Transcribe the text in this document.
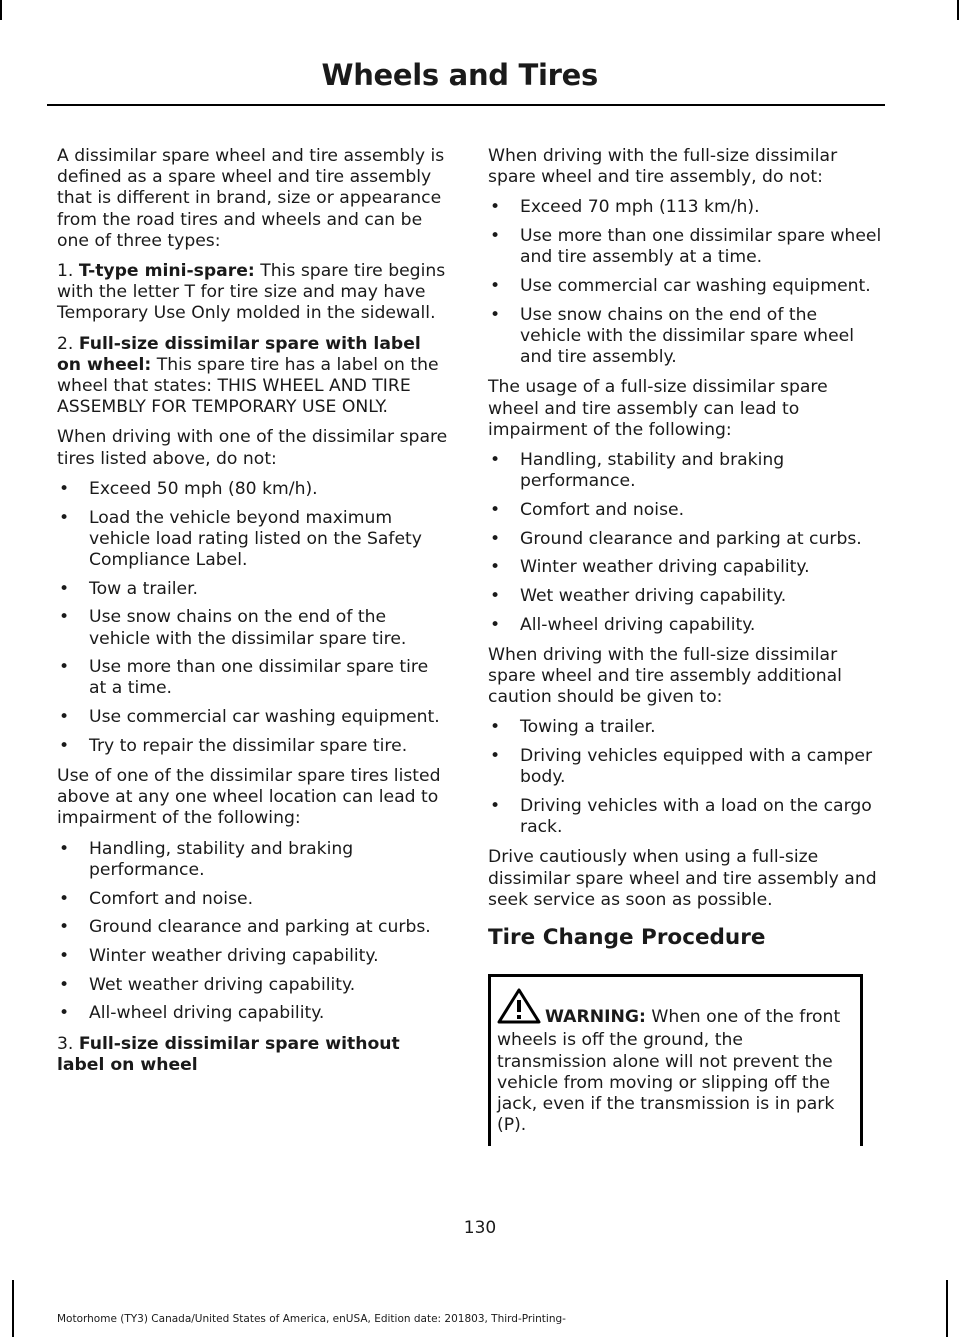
Wheels and Tires

A dissimilar spare wheel and tire assembly is defined as a spare wheel and tire assembly that is different in brand, size or appearance from the road tires and wheels and can be one of three types:

1. T-type mini-spare: This spare tire begins with the letter T for tire size and may have Temporary Use Only molded in the sidewall.

2. Full-size dissimilar spare with label on wheel: This spare tire has a label on the wheel that states: THIS WHEEL AND TIRE ASSEMBLY FOR TEMPORARY USE ONLY.

When driving with one of the dissimilar spare tires listed above, do not:

• Exceed 50 mph (80 km/h).
• Load the vehicle beyond maximum vehicle load rating listed on the Safety Compliance Label.
• Tow a trailer.
• Use snow chains on the end of the vehicle with the dissimilar spare tire.
• Use more than one dissimilar spare tire at a time.
• Use commercial car washing equipment.
• Try to repair the dissimilar spare tire.

Use of one of the dissimilar spare tires listed above at any one wheel location can lead to impairment of the following:

• Handling, stability and braking performance.
• Comfort and noise.
• Ground clearance and parking at curbs.
• Winter weather driving capability.
• Wet weather driving capability.
• All-wheel driving capability.

3. Full-size dissimilar spare without label on wheel

When driving with the full-size dissimilar spare wheel and tire assembly, do not:

• Exceed 70 mph (113 km/h).
• Use more than one dissimilar spare wheel and tire assembly at a time.
• Use commercial car washing equipment.
• Use snow chains on the end of the vehicle with the dissimilar spare wheel and tire assembly.

The usage of a full-size dissimilar spare wheel and tire assembly can lead to impairment of the following:

• Handling, stability and braking performance.
• Comfort and noise.
• Ground clearance and parking at curbs.
• Winter weather driving capability.
• Wet weather driving capability.
• All-wheel driving capability.

When driving with the full-size dissimilar spare wheel and tire assembly additional caution should be given to:

• Towing a trailer.
• Driving vehicles equipped with a camper body.
• Driving vehicles with a load on the cargo rack.

Drive cautiously when using a full-size dissimilar spare wheel and tire assembly and seek service as soon as possible.

Tire Change Procedure

WARNING: When one of the front wheels is off the ground, the transmission alone will not prevent the vehicle from moving or slipping off the jack, even if the transmission is in park (P).

130
Motorhome (TY3) Canada/United States of America, enUSA, Edition date: 201803, Third-Printing-
